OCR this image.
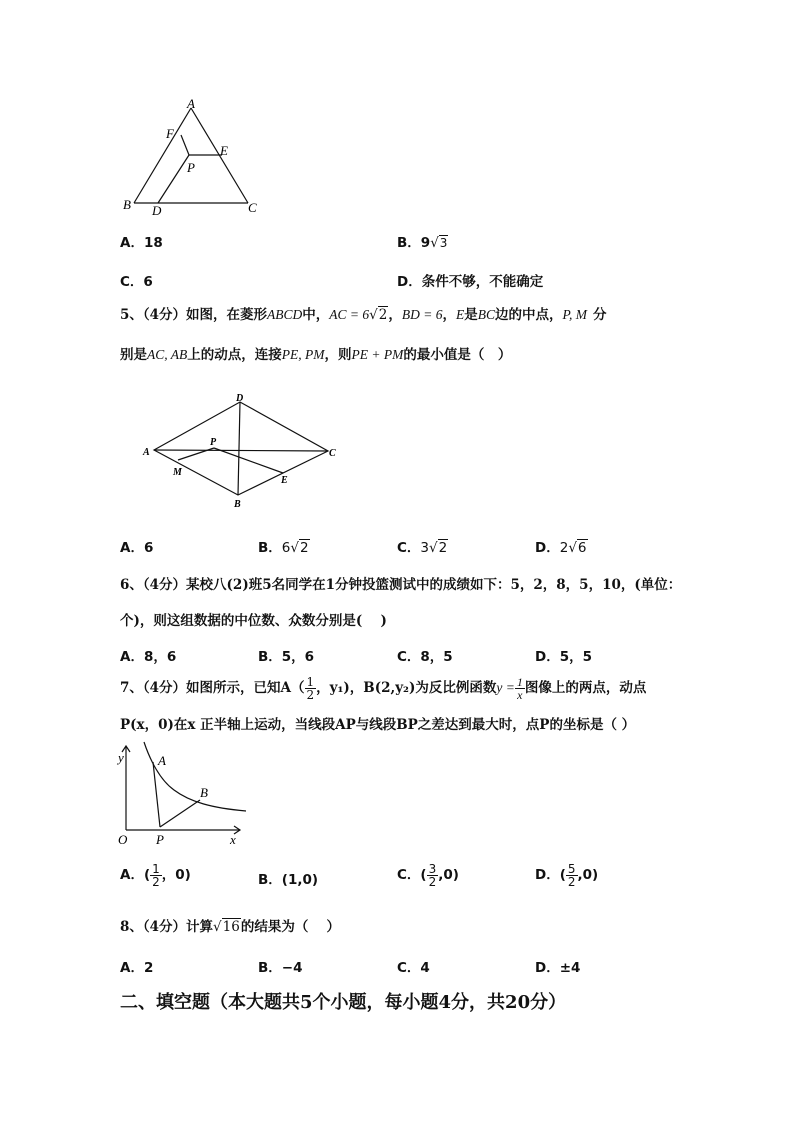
A
F
E
P
B D	C
A．18	B．9√3
C．6	D．条件不够，不能确定
5、（4分）如图，在菱形ABCD中，AC = 6√2，BD = 6，E是BC边的中点，P, M 分
别是AC, AB上的动点，连接PE, PM，则PE + PM的最小值是（　）
D
A
P
C
M
E
B
A．6	B．6√2	C．3√2	D．2√6
6、（4分）某校八(2)班5名同学在1分钟投篮测试中的成绩如下：5，2，8，5，10，(单位：
个)，则这组数据的中位数、众数分别是(　 )
A．8，6	B．5，6	C．8，5	D．5，5
7、（4分）如图所示，已知$A( \frac{1}{2}$ ，y₁)，B(2,y₂)为反比例函数$y = \frac{1}{x}$ 图像上的两点，动点
P(x，0)在x 正半轴上运动，当线段AP与线段BP之差达到最大时，点P的坐标是（ ）
y	A
B
O P	x
A．( $\frac{1}{2}$ ，0)	B．(1,0)	C．( $\frac{3}{2} ,0$)	D．( $\frac{5}{2} ,0$)
8、（4分）计算√16的结果为（　 ）
A．2	B．−4	C．4	D．±4
二、填空题（本大题共5个小题，每小题4分，共20分）
